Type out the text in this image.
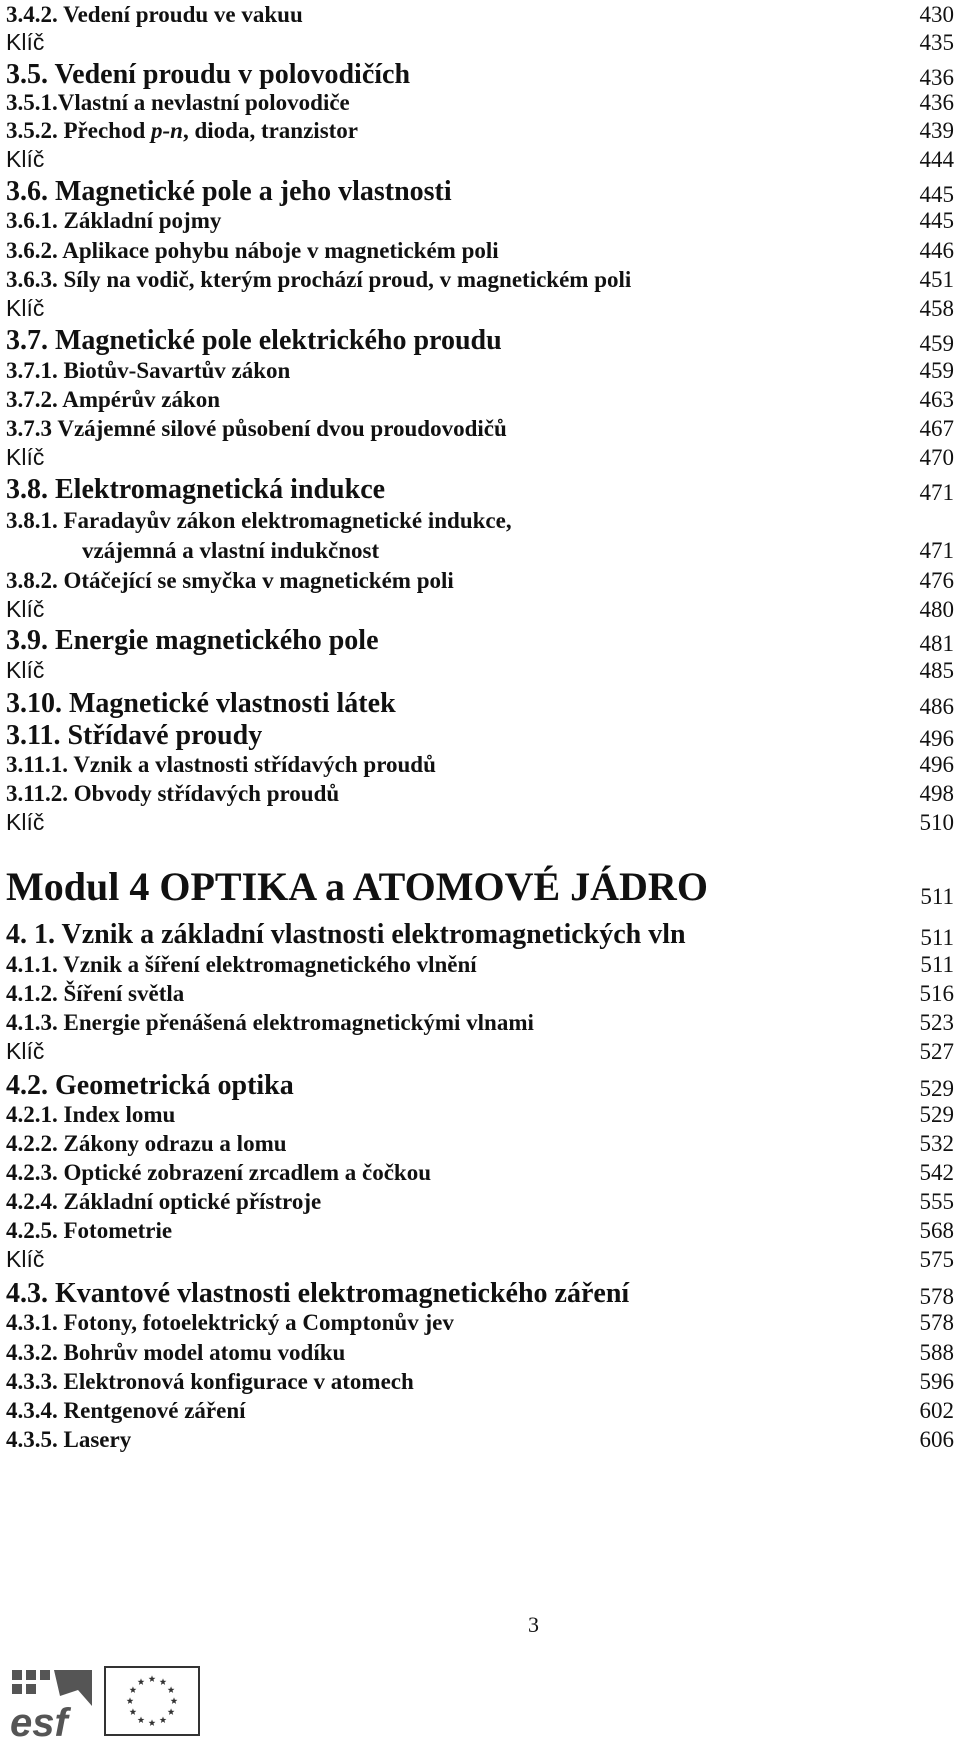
3.4.2. Vedení proudu ve vakuu	430
Klíč	435
3.5. Vedení proudu v polovodičích	436
3.5.1.Vlastní a nevlastní polovodiče	436
3.5.2. Přechod p-n, dioda, tranzistor	439
Klíč	444
3.6. Magnetické pole a jeho vlastnosti	445
3.6.1. Základní pojmy	445
3.6.2. Aplikace pohybu náboje v magnetickém poli	446
3.6.3. Síly na vodič, kterým prochází proud, v magnetickém poli	451
Klíč	458
3.7. Magnetické pole elektrického proudu	459
3.7.1. Biotův-Savartův zákon	459
3.7.2. Ampérův zákon	463
3.7.3 Vzájemné silové působení dvou proudovodičů	467
Klíč	470
3.8. Elektromagnetická indukce	471
3.8.1. Faradayův zákon elektromagnetické indukce,
vzájemná a vlastní indukčnost	471
3.8.2. Otáčející se smyčka v magnetickém poli	476
Klíč	480
3.9. Energie magnetického pole	481
Klíč	485
3.10. Magnetické vlastnosti látek	486
3.11. Střídavé proudy	496
3.11.1. Vznik a vlastnosti střídavých proudů	496
3.11.2. Obvody střídavých proudů	498
Klíč	510
Modul 4 OPTIKA a ATOMOVÉ JÁDRO	511
4. 1. Vznik a základní vlastnosti elektromagnetických vln	511
4.1.1. Vznik a šíření elektromagnetického vlnění	511
4.1.2. Šíření světla	516
4.1.3. Energie přenášená elektromagnetickými vlnami	523
Klíč	527
4.2. Geometrická optika	529
4.2.1. Index lomu	529
4.2.2. Zákony odrazu a lomu	532
4.2.3. Optické zobrazení zrcadlem a čočkou	542
4.2.4. Základní optické přístroje	555
4.2.5. Fotometrie	568
Klíč	575
4.3. Kvantové vlastnosti elektromagnetického záření	578
4.3.1. Fotony, fotoelektrický a Comptonův jev	578
4.3.2. Bohrův model atomu vodíku	588
4.3.3. Elektronová konfigurace v atomech	596
4.3.4. Rentgenové záření	602
4.3.5. Lasery	606
3
esf
